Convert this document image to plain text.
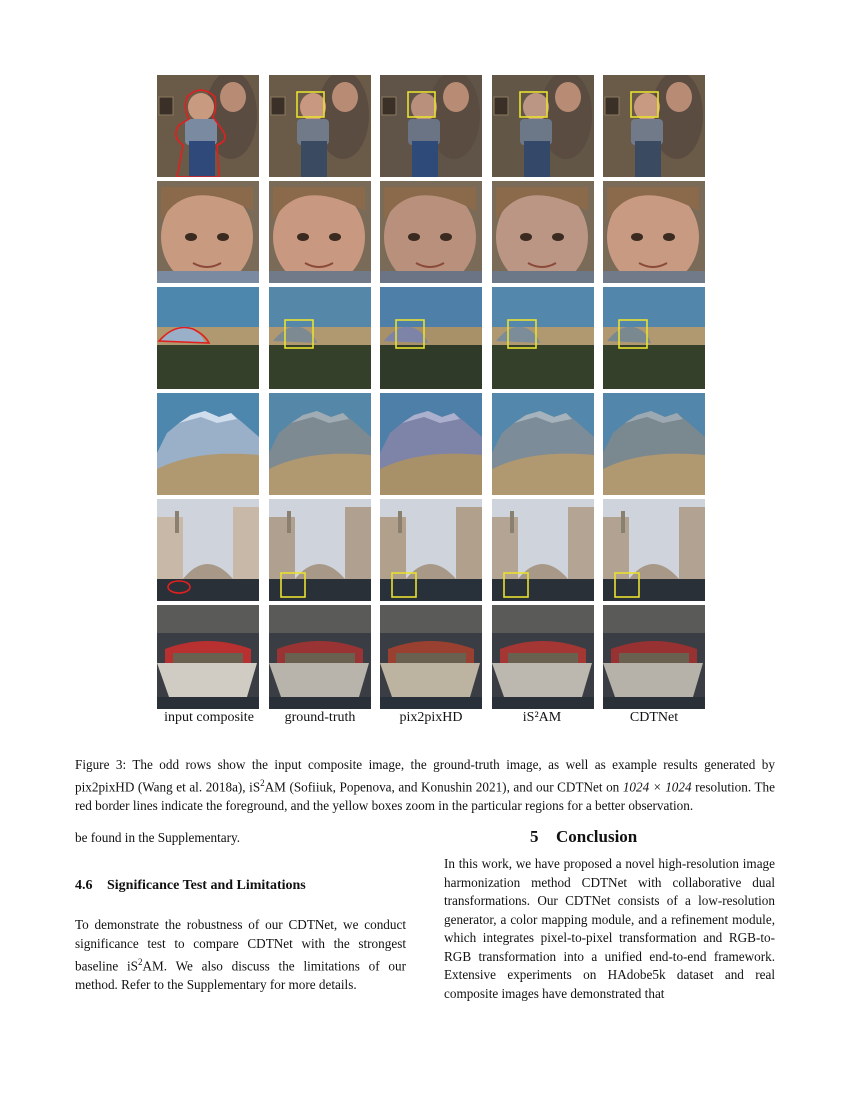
input composite	ground-truth	pix2pixHD	iS²AM	CDTNet
Figure 3: The odd rows show the input composite image, the ground-truth image, as well as example results generated by pix2pixHD (Wang et al. 2018a), $iS^2AM$ (Sofiiuk, Popenova, and Konushin 2021), and our CDTNet on 1024 × 1024 resolution. The red border lines indicate the foreground, and the yellow boxes zoom in the particular regions for a better observation.
be found in the Supplementary.
4.6 Significance Test and Limitations
To demonstrate the robustness of our CDTNet, we conduct significance test to compare CDTNet with the strongest baseline $iS^2AM$. We also discuss the limitations of our method. Refer to the Supplementary for more details.
5 Conclusion
In this work, we have proposed a novel high-resolution image harmonization method CDTNet with collaborative dual transformations. Our CDTNet consists of a low-resolution generator, a color mapping module, and a refinement module, which integrates pixel-to-pixel transformation and RGB-to-RGB transformation into a unified end-to-end framework. Extensive experiments on HAdobe5k dataset and real composite images have demonstrated that
